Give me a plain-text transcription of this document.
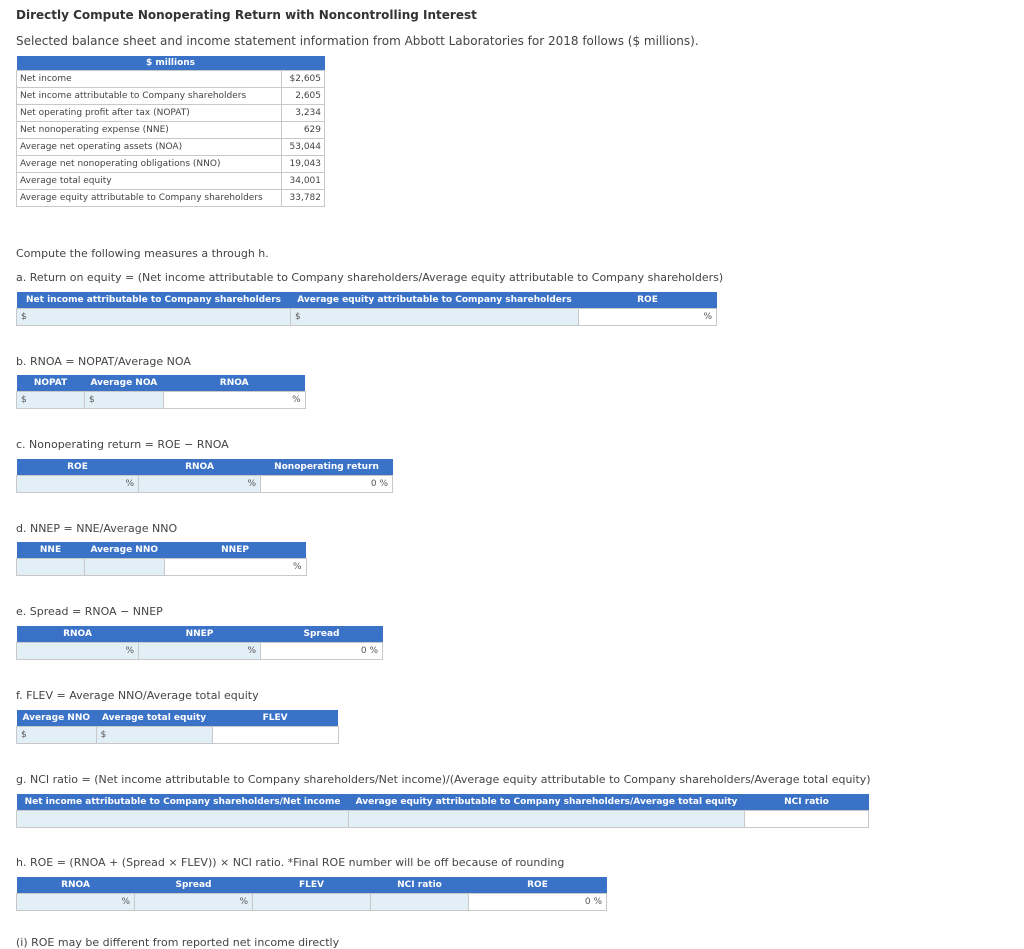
Directly Compute Nonoperating Return with Noncontrolling Interest
Selected balance sheet and income statement information from Abbott Laboratories for 2018 follows ($ millions).
$ millions	
Net income	$2,605
Net income attributable to Company shareholders	2,605
Net operating profit after tax (NOPAT)	3,234
Net nonoperating expense (NNE)	629
Average net operating assets (NOA)	53,044
Average net nonoperating obligations (NNO)	19,043
Average total equity	34,001
Average equity attributable to Company shareholders	33,782
Compute the following measures a through h.
a. Return on equity = (Net income attributable to Company shareholders/Average equity attributable to Company shareholders)
Net income attributable to Company shareholders	Average equity attributable to Company shareholders	ROE

$	$	%
b. RNOA = NOPAT/Average NOA
NOPAT	Average NOA	RNOA

$	$	%
c. Nonoperating return = ROE − RNOA
ROE	RNOA	Nonoperating return

%	%	0 %
d. NNEP = NNE/Average NNO
NNE	Average NNO	NNEP

		%
e. Spread = RNOA − NNEP
RNOA	NNEP	Spread

%	%	0 %
f. FLEV = Average NNO/Average total equity
Average NNO	Average total equity	FLEV

$	$	

g. NCI ratio = (Net income attributable to Company shareholders/Net income)/(Average equity attributable to Company shareholders/Average total equity)
Net income attributable to Company shareholders/Net income	Average equity attributable to Company shareholders/Average total equity	NCI ratio

h. ROE = (RNOA + (Spread × FLEV)) × NCI ratio. *Final ROE number will be off because of rounding
RNOA	Spread	FLEV	NCI ratio	ROE

%	%			0 %
(i) ROE may be different from reported net income directly
